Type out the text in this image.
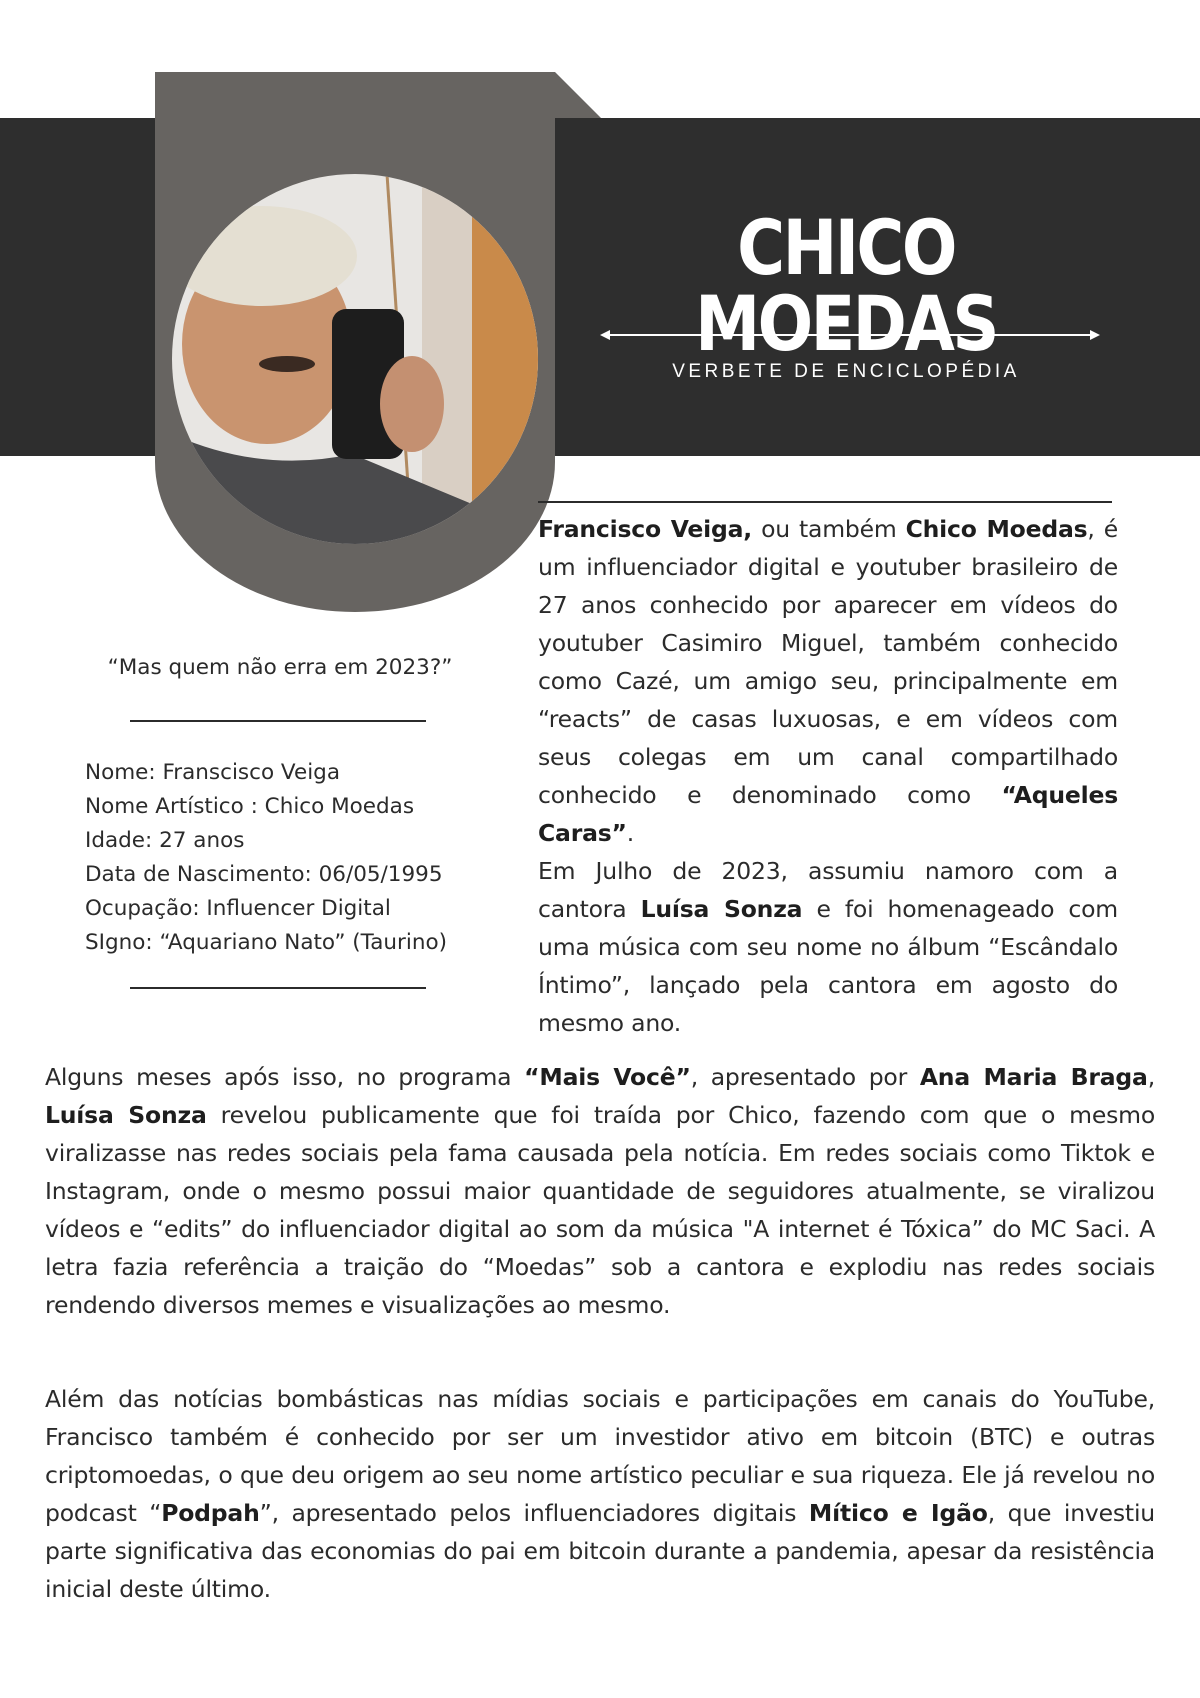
CHICO MOEDAS
VERBETE DE ENCICLOPÉDIA

Francisco Veiga, ou também Chico Moedas, é um influenciador digital e youtuber brasileiro de 27 anos conhecido por aparecer em vídeos do youtuber Casimiro Miguel, também conhecido como Cazé, um amigo seu, principalmente em “reacts” de casas luxuosas, e em vídeos com seus colegas em um canal compartilhado conhecido e denominado como “Aqueles Caras”.

Em Julho de 2023, assumiu namoro com a cantora Luísa Sonza e foi homenageado com uma música com seu nome no álbum “Escândalo Íntimo”, lançado pela cantora em agosto do mesmo ano.

“Mas quem não erra em 2023?”
Nome: Franscisco Veiga
Nome Artístico : Chico Moedas
Idade: 27 anos
Data de Nascimento: 06/05/1995
Ocupação: Influencer Digital
SIgno: “Aquariano Nato” (Taurino)

Alguns meses após isso, no programa “Mais Você”, apresentado por Ana Maria Braga, Luísa Sonza revelou publicamente que foi traída por Chico, fazendo com que o mesmo viralizasse nas redes sociais pela fama causada pela notícia. Em redes sociais como Tiktok e Instagram, onde o mesmo possui maior quantidade de seguidores atualmente, se viralizou vídeos e “edits” do influenciador digital ao som da música "A internet é Tóxica” do MC Saci. A letra fazia referência a traição do “Moedas” sob a cantora e explodiu nas redes sociais rendendo diversos memes e visualizações ao mesmo.

Além das notícias bombásticas nas mídias sociais e participações em canais do YouTube, Francisco também é conhecido por ser um investidor ativo em bitcoin (BTC) e outras criptomoedas, o que deu origem ao seu nome artístico peculiar e sua riqueza. Ele já revelou no podcast “Podpah”, apresentado pelos influenciadores digitais Mítico e Igão, que investiu parte significativa das economias do pai em bitcoin durante a pandemia, apesar da resistência inicial deste último.
